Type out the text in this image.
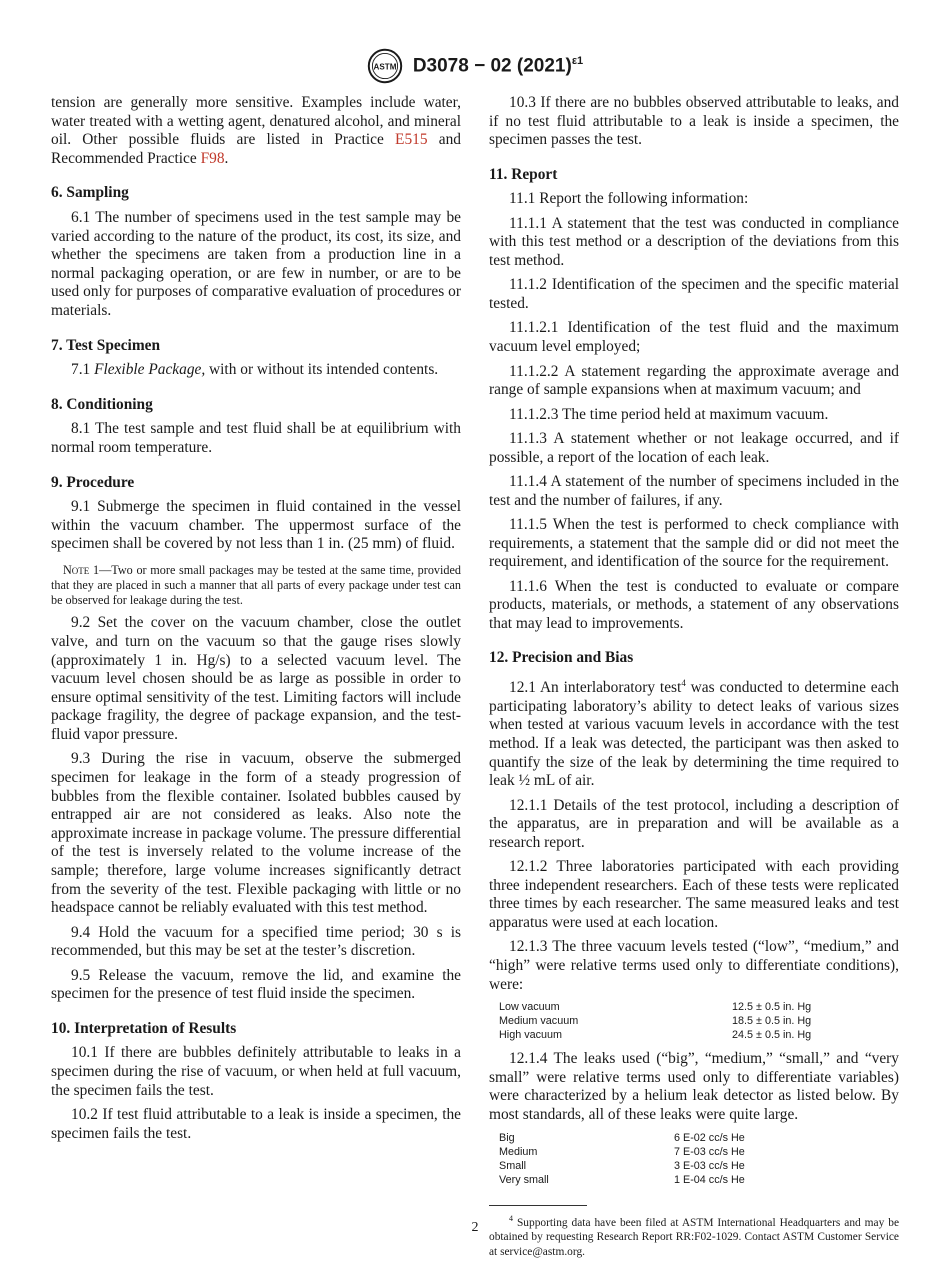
ASTM D3078 − 02 $(2021)^{\varepsilon 1}$

tension are generally more sensitive. Examples include water, water treated with a wetting agent, denatured alcohol, and mineral oil. Other possible fluids are listed in Practice E515 and Recommended Practice F98.

6. Sampling

6.1 The number of specimens used in the test sample may be varied according to the nature of the product, its cost, its size, and whether the specimens are taken from a production line in a normal packaging operation, or are few in number, or are to be used only for purposes of comparative evaluation of procedures or materials.

7. Test Specimen

7.1 Flexible Package, with or without its intended contents.

8. Conditioning

8.1 The test sample and test fluid shall be at equilibrium with normal room temperature.

9. Procedure

9.1 Submerge the specimen in fluid contained in the vessel within the vacuum chamber. The uppermost surface of the specimen shall be covered by not less than 1 in. (25 mm) of fluid.

Note 1—Two or more small packages may be tested at the same time, provided that they are placed in such a manner that all parts of every package under test can be observed for leakage during the test.

9.2 Set the cover on the vacuum chamber, close the outlet valve, and turn on the vacuum so that the gauge rises slowly (approximately 1 in. Hg/s) to a selected vacuum level. The vacuum level chosen should be as large as possible in order to ensure optimal sensitivity of the test. Limiting factors will include package fragility, the degree of package expansion, and the test-fluid vapor pressure.

9.3 During the rise in vacuum, observe the submerged specimen for leakage in the form of a steady progression of bubbles from the flexible container. Isolated bubbles caused by entrapped air are not considered as leaks. Also note the approximate increase in package volume. The pressure differential of the test is inversely related to the volume increase of the sample; therefore, large volume increases significantly detract from the severity of the test. Flexible packaging with little or no headspace cannot be reliably evaluated with this test method.

9.4 Hold the vacuum for a specified time period; 30 s is recommended, but this may be set at the tester’s discretion.

9.5 Release the vacuum, remove the lid, and examine the specimen for the presence of test fluid inside the specimen.

10. Interpretation of Results

10.1 If there are bubbles definitely attributable to leaks in a specimen during the rise of vacuum, or when held at full vacuum, the specimen fails the test.

10.2 If test fluid attributable to a leak is inside a specimen, the specimen fails the test.

10.3 If there are no bubbles observed attributable to leaks, and if no test fluid attributable to a leak is inside a specimen, the specimen passes the test.

11. Report

11.1 Report the following information:

11.1.1 A statement that the test was conducted in compliance with this test method or a description of the deviations from this test method.

11.1.2 Identification of the specimen and the specific material tested.

11.1.2.1 Identification of the test fluid and the maximum vacuum level employed;

11.1.2.2 A statement regarding the approximate average and range of sample expansions when at maximum vacuum; and

11.1.2.3 The time period held at maximum vacuum.

11.1.3 A statement whether or not leakage occurred, and if possible, a report of the location of each leak.

11.1.4 A statement of the number of specimens included in the test and the number of failures, if any.

11.1.5 When the test is performed to check compliance with requirements, a statement that the sample did or did not meet the requirement, and identification of the source for the requirement.

11.1.6 When the test is conducted to evaluate or compare products, materials, or methods, a statement of any observations that may lead to improvements.

12. Precision and Bias

12.1 An interlaboratory test$^4$ was conducted to determine each participating laboratory’s ability to detect leaks of various sizes when tested at various vacuum levels in accordance with the test method. If a leak was detected, the participant was then asked to quantify the size of the leak by determining the time required to leak ½ mL of air.

12.1.1 Details of the test protocol, including a description of the apparatus, are in preparation and will be available as a research report.

12.1.2 Three laboratories participated with each providing three independent researchers. Each of these tests were replicated three times by each researcher. The same measured leaks and test apparatus were used at each location.

12.1.3 The three vacuum levels tested (“low”, “medium,” and “high” were relative terms used only to differentiate conditions), were:

Low vacuum	12.5 ± 0.5 in. Hg
Medium vacuum	18.5 ± 0.5 in. Hg
High vacuum	24.5 ± 0.5 in. Hg

12.1.4 The leaks used (“big”, “medium,” “small,” and “very small” were relative terms used only to differentiate variables) were characterized by a helium leak detector as listed below. By most standards, all of these leaks were quite large.

Big	6 E-02 cc/s He
Medium	7 E-03 cc/s He
Small	3 E-03 cc/s He
Very small	1 E-04 cc/s He

$^4$ Supporting data have been filed at ASTM International Headquarters and may be obtained by requesting Research Report RR:F02-1029. Contact ASTM Customer Service at service@astm.org.

2
